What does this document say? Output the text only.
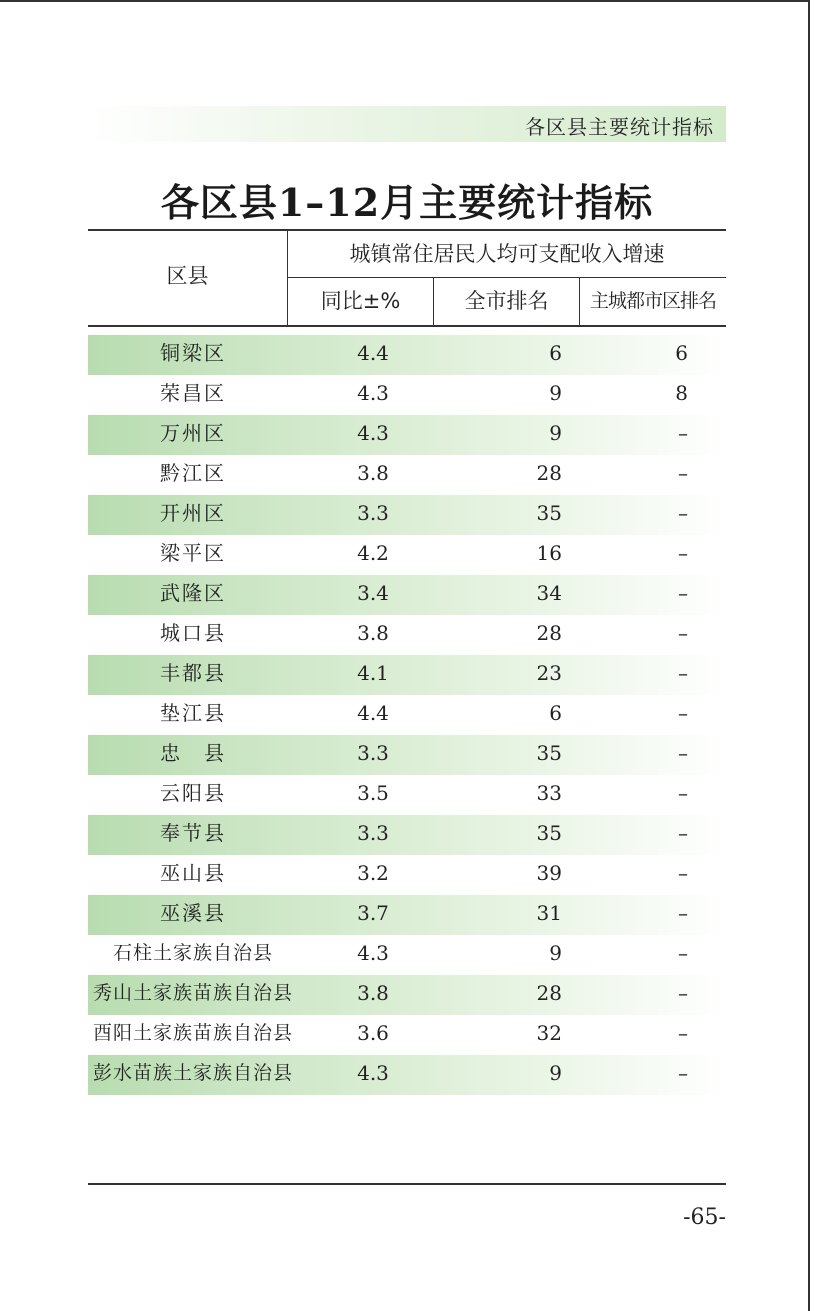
各区县主要统计指标
各区县1–12月主要统计指标
区县
城镇常住居民人均可支配收入增速
同比±%	全市排名	主城都市区排名
铜梁区	4.4	6	6
荣昌区	4.3	9	8
万州区	4.3	9	–
黔江区	3.8	28	–
开州区	3.3	35	–
梁平区	4.2	16	–
武隆区	3.4	34	–
城口县	3.8	28	–
丰都县	4.1	23	–
垫江县	4.4	6	–
忠　县	3.3	35	–
云阳县	3.5	33	–
奉节县	3.3	35	–
巫山县	3.2	39	–
巫溪县	3.7	31	–
石柱土家族自治县	4.3	9	–
秀山土家族苗族自治县	3.8	28	–
酉阳土家族苗族自治县	3.6	32	–
彭水苗族土家族自治县	4.3	9	–
-65-
